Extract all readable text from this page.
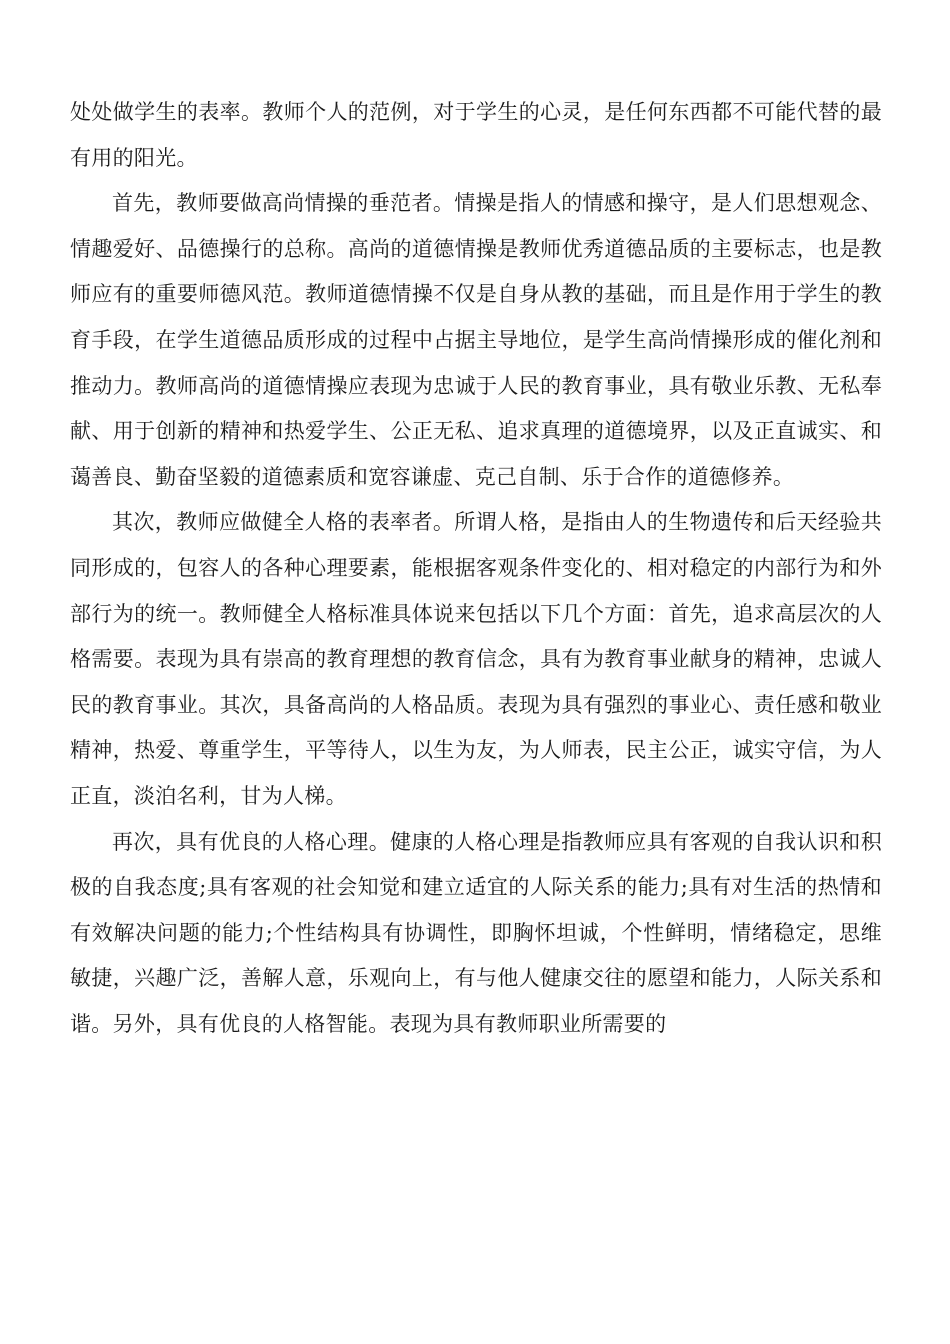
处处做学生的表率。教师个人的范例，对于学生的心灵，是任何东西都不可能代替的最有用的阳光。

首先，教师要做高尚情操的垂范者。情操是指人的情感和操守，是人们思想观念、情趣爱好、品德操行的总称。高尚的道德情操是教师优秀道德品质的主要标志，也是教师应有的重要师德风范。教师道德情操不仅是自身从教的基础，而且是作用于学生的教育手段，在学生道德品质形成的过程中占据主导地位，是学生高尚情操形成的催化剂和推动力。教师高尚的道德情操应表现为忠诚于人民的教育事业，具有敬业乐教、无私奉献、用于创新的精神和热爱学生、公正无私、追求真理的道德境界，以及正直诚实、和蔼善良、勤奋坚毅的道德素质和宽容谦虚、克己自制、乐于合作的道德修养。

其次，教师应做健全人格的表率者。所谓人格，是指由人的生物遗传和后天经验共同形成的，包容人的各种心理要素，能根据客观条件变化的、相对稳定的内部行为和外部行为的统一。教师健全人格标准具体说来包括以下几个方面：首先，追求高层次的人格需要。表现为具有崇高的教育理想的教育信念，具有为教育事业献身的精神，忠诚人民的教育事业。其次，具备高尚的人格品质。表现为具有强烈的事业心、责任感和敬业精神，热爱、尊重学生，平等待人，以生为友，为人师表，民主公正，诚实守信，为人正直，淡泊名利，甘为人梯。

再次，具有优良的人格心理。健康的人格心理是指教师应具有客观的自我认识和积极的自我态度;具有客观的社会知觉和建立适宜的人际关系的能力;具有对生活的热情和有效解决问题的能力;个性结构具有协调性，即胸怀坦诚，个性鲜明，情绪稳定，思维敏捷，兴趣广泛，善解人意，乐观向上，有与他人健康交往的愿望和能力，人际关系和谐。另外，具有优良的人格智能。表现为具有教师职业所需要的
